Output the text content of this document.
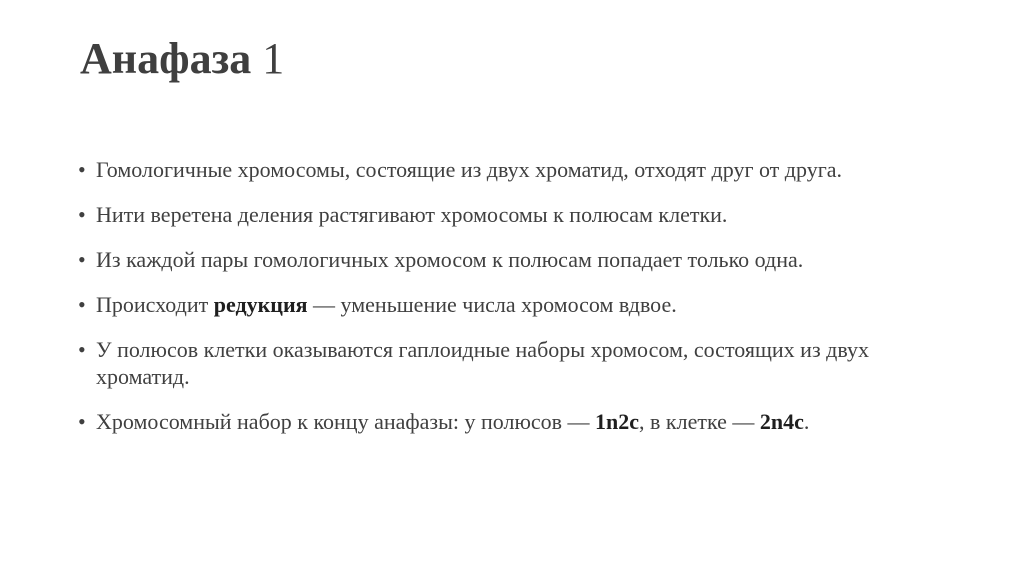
Анафаза 1
• Гомологичные хромосомы, состоящие из двух хроматид, отходят друг от друга.
• Нити веретена деления растягивают хромосомы к полюсам клетки.
• Из каждой пары гомологичных хромосом к полюсам попадает только одна.
• Происходит редукция — уменьшение числа хромосом вдвое.
• У полюсов клетки оказываются гаплоидные наборы хромосом, состоящих из двух хроматид.
• Хромосомный набор к концу анафазы: у полюсов — 1n2c, в клетке — 2n4c.
